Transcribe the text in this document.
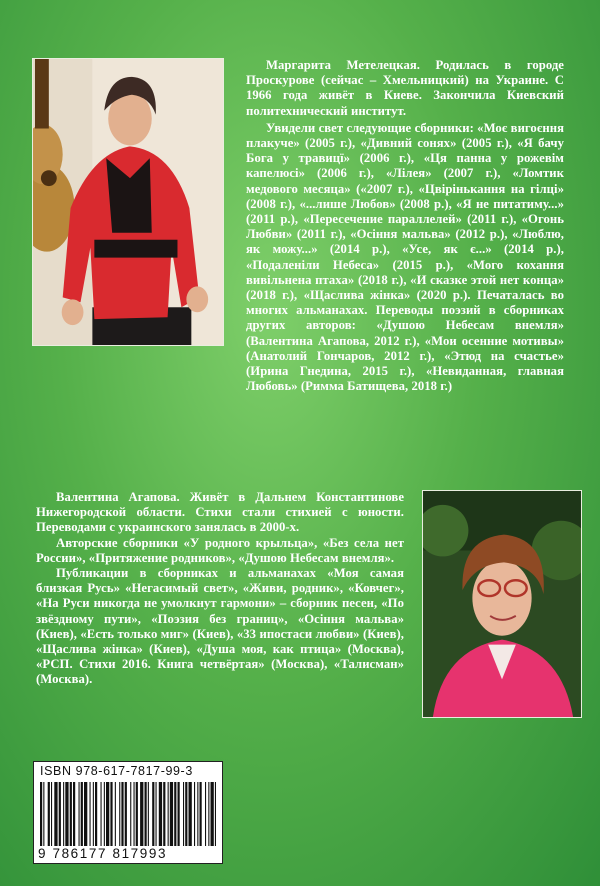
Маргарита Метелецкая. Родилась в городе Проскурове (сейчас – Хмельницкий) на Украине. С 1966 года живёт в Киеве. Закончила Киевский политехнический институт.

Увидели свет следующие сборники: «Моє вигоєння плакуче» (2005 г.), «Дивний сонях» (2005 г.), «Я бачу Бога у травицї» (2006 г.), «Ця панна у рожевім капелюсі» (2006 г.), «Лілея» (2007 г.), «Ломтик медового месяца» («2007 г.), «Цвірінькання на гілці» (2008 г.), «...лише Любов» (2008 р.), «Я не питатиму...» (2011 р.), «Пересечение параллелей» (2011 г.), «Огонь Любви» (2011 г.), «Осіння мальва» (2012 р.), «Люблю, як можу...» (2014 р.), «Усе, як є...» (2014 р.), «Подаленіли Небеса» (2015 р.), «Мого кохання вивільнена птаха» (2018 г.), «И сказке этой нет конца» (2018 г.), «Щаслива жінка» (2020 р.). Печаталась во многих альманахах. Переводы поэзий в сборниках других авторов: «Душою Небесам внемля» (Валентина Агапова, 2012 г.), «Мои осенние мотивы» (Анатолий Гончаров, 2012 г.), «Этюд на счастье» (Ирина Гнедина, 2015 г.), «Невиданная, главная Любовь» (Римма Батищева, 2018 г.)

Валентина Агапова. Живёт в Дальнем Константинове Нижегородской области. Стихи стали стихией с юности. Переводами с украинского занялась в 2000-х.

Авторские сборники «У родного крыльца», «Без села нет России», «Притяжение родников», «Душою Небесам внемля».

Публикации в сборниках и альманахах «Моя самая близкая Русь» «Негасимый свет», «Живи, родник», «Ковчег», «На Руси никогда не умолкнут гармони» – сборник песен, «По звёздному пути», «Поэзия без границ», «Осіння мальва» (Киев), «Есть только миг» (Киев), «33 ипостаси любви» (Киев), «Щаслива жінка» (Киев), «Душа моя, как птица» (Москва), «РСП. Стихи 2016. Книга четвёртая» (Москва), «Талисман» (Москва).

ISBN 978-617-7817-99-3
9 786177 817993
